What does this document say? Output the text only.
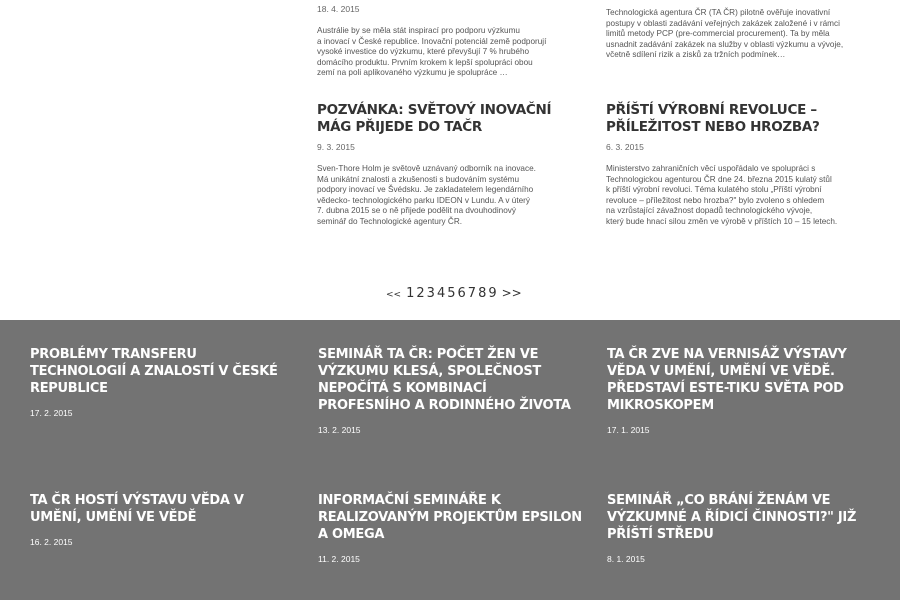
18. 4. 2015

Austrálie by se měla stát inspirací pro podporu výzkumu
a inovací v České republice. Inovační potenciál země podporují
vysoké investice do výzkumu, které převyšují 7 % hrubého
domácího produktu. Prvním krokem k lepší spolupráci obou
zemí na poli aplikovaného výzkumu je spolupráce …

Technologická agentura ČR (TA ČR) pilotně ověřuje inovativní
postupy v oblasti zadávání veřejných zakázek založené i v rámci
limitů metody PCP (pre-commercial procurement). Ta by měla
usnadnit zadávání zakázek na služby v oblasti výzkumu a vývoje,
včetně sdílení rizik a zisků za tržních podmínek…

POZVÁNKA: SVĚTOVÝ INOVAČNÍ MÁG PŘIJEDE DO TAČR
9. 3. 2015

Sven-Thore Holm je světově uznávaný odborník na inovace.
Má unikátní znalosti a zkušenosti s budováním systému
podpory inovací ve Švédsku. Je zakladatelem legendárního
vědecko- technologického parku IDEON v Lundu. A v úterý
7. dubna 2015 se o ně přijede podělit na dvouhodinový
seminář do Technologické agentury ČR.

PŘÍŠTÍ VÝROBNÍ REVOLUCE – PŘÍLEŽITOST NEBO HROZBA?
6. 3. 2015

Ministerstvo zahraničních věcí uspořádalo ve spolupráci s
Technologickou agenturou ČR dne 24. března 2015 kulatý stůl
k příští výrobní revoluci. Téma kulatého stolu „Příští výrobní
revoluce – příležitost nebo hrozba?" bylo zvoleno s ohledem
na vzrůstající závažnost dopadů technologického vývoje,
který bude hnací silou změn ve výrobě v příštích 10 – 15 letech.

<< 1 2 3 4 5 6 7 8 9 >>
PROBLÉMY TRANSFERU TECHNOLOGIÍ A ZNALOSTÍ V ČESKÉ REPUBLICE
17. 2. 2015
SEMINÁŘ TA ČR: POČET ŽEN VE VÝZKUMU KLESÁ, SPOLEČNOST NEPOČÍTÁ S KOMBINACÍ PROFESNÍHO A RODINNÉHO ŽIVOTA
13. 2. 2015
TA ČR ZVE NA VERNISÁŽ VÝSTAVY VĚDA V UMĚNÍ, UMĚNÍ VE VĚDĚ. PŘEDSTAVÍ ESTE-TIKU SVĚTA POD MIKROSKOPEM
17. 1. 2015
TA ČR HOSTÍ VÝSTAVU VĚDA V UMĚNÍ, UMĚNÍ VE VĚDĚ
16. 2. 2015
INFORMAČNÍ SEMINÁŘE K REALIZOVANÝM PROJEKTŮM EPSILON A OMEGA
11. 2. 2015
SEMINÁŘ „CO BRÁNÍ ŽENÁM VE VÝZKUMNÉ A ŘÍDICÍ ČINNOSTI?" JIŽ PŘÍŠTÍ STŘEDU
8. 1. 2015
